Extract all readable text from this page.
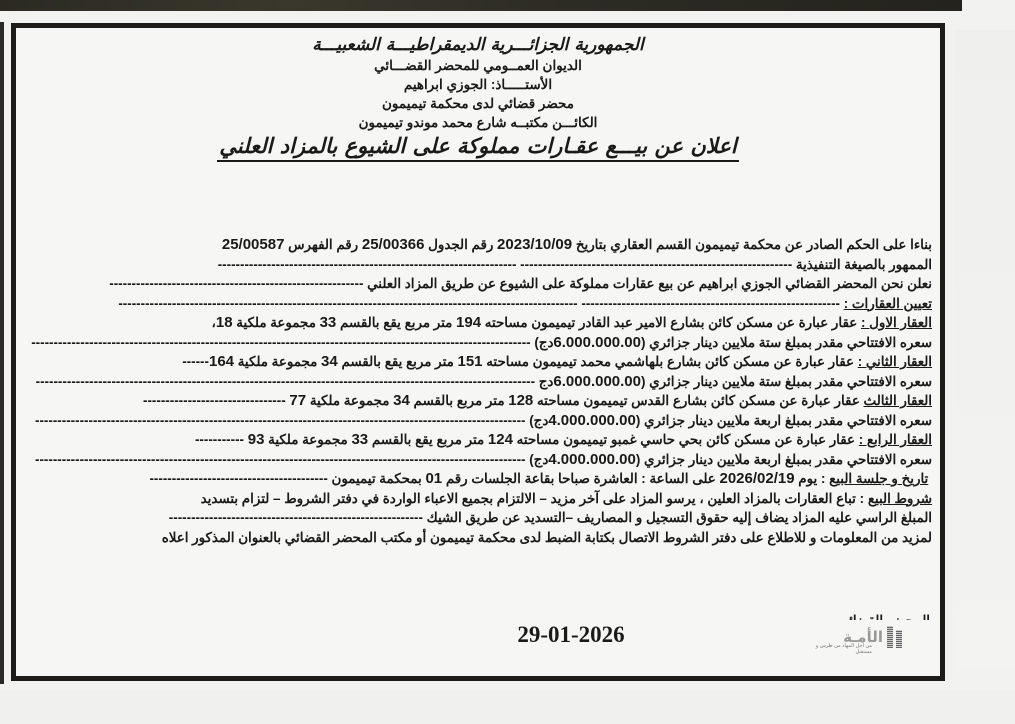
الجمهورية الجزائـــرية الديمقراطيـــة الشعبيـــة
الديوان العمــومي للمحضر القضـــائي
الأستـــــاذ: الجوزي ابراهيم
محضر قضائي لدى محكمة تيميمون
الكائـــن مكتبــه شارع محمد موندو تيميمون
اعلان عن بيـــع عقـارات مملوكة على الشيوع بالمزاد العلني
بناءا على الحكم الصادر عن محكمة تيميمون القسم العقاري بتاريخ 2023/10/09 رقم الجدول 25/00366 رقم الفهرس 25/00587
الممهور بالصيغة التنفيذية ------------------------------------------------------------- -------------------------------------------------------------------
نعلن نحن المحضر القضائي الجوزي ابراهيم عن بيع عقارات مملوكة على الشيوع عن طريق المزاد العلني ---------------------------------------------------------
تعيين العقارات : ---------------------------------------------------------- -------------------------------------------------------------------------------------------------------
العقار الاول : عقار عبارة عن مسكن كائن بشارع الامير عبد القادر تيميمون مساحته 194 متر مربع يقع بالقسم 33 مجموعة ملكية 18،
سعره الافتتاحي مقدر بمبلغ ستة ملايين دينار جزائري (6.000.000.00دج) ----------------------------------------------------------------------------------------------------------------
العقار الثاني : عقار عبارة عن مسكن كائن بشارع بلهاشمي محمد تيميمون مساحته 151 متر مربع يقع بالقسم 34 مجموعة ملكية 164------
سعره الافتتاحي مقدر بمبلغ ستة ملايين دينار جزائري (6.000.000.00دج ----------------------------------------------------------------------------------------------------------------
العقار الثالث عقار عبارة عن مسكن كائن بشارع القدس تيميمون مساحته 128 متر مربع بالقسم 34 مجموعة ملكية 77 --------------------------------
سعره الافتتاحي مقدر بمبلغ اربعة ملايين دينار جزائري (4.000.000.00دج) --------------------------------------------------------------------------------------------------------------
العقار الرابع : عقار عبارة عن مسكن كائن بحي حاسي غمبو تيميمون مساحته 124 متر مربع يقع بالقسم 33 مجموعة ملكية 93 -----------
سعره الافتتاحي مقدر بمبلغ اربعة ملايين دينار جزائري (4.000.000.00دج) --------------------------------------------------------------------------------------------------------------
تاريخ و جلسة البيع : يوم 2026/02/19 على الساعة : العاشرة صباحا بقاعة الجلسات رقم 01 بمحكمة تيميمون ----------------------------------------
شروط البيع : تباع العقارات بالمزاد العلين ، يرسو المزاد على آخر مزيد – الالتزام بجميع الاعباء الواردة في دفتر الشروط – لتزام بتسديد
المبلغ الراسي عليه المزاد يضاف إليه حقوق التسجيل و المصاريف –التسديد عن طريق الشيك ---------------------------------------------------------
لمزيد من المعلومات و للاطلاع على دفتر الشروط الاتصال بكتابة الضبط لدى محكمة تيميمون أو مكتب المحضر القضائي بالعنوان المذكور اعلاه
29-01-2026	الأمـة
من أجل المهاد من طرس و مستقبل
